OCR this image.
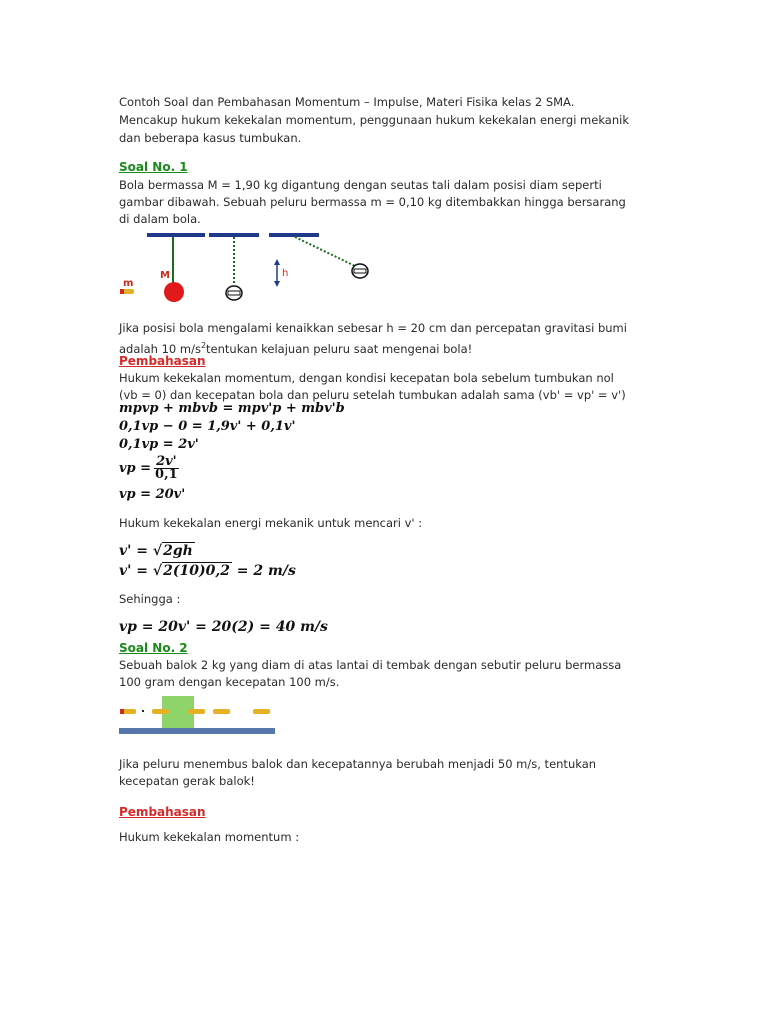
Contoh Soal dan Pembahasan Momentum – Impulse, Materi Fisika kelas 2 SMA.
Mencakup hukum kekekalan momentum, penggunaan hukum kekekalan energi mekanik
dan beberapa kasus tumbukan.
Soal No. 1
Bola bermassa M = 1,90 kg digantung dengan seutas tali dalam posisi diam seperti
gambar dibawah. Sebuah peluru bermassa m = 0,10 kg ditembakkan hingga bersarang
di dalam bola.
h
M
m
Jika posisi bola mengalami kenaikkan sebesar h = 20 cm dan percepatan gravitasi bumi
adalah 10 $m/s^2tentukan$ kelajuan peluru saat mengenai bola!
Pembahasan
Hukum kekekalan momentum, dengan kondisi kecepatan bola sebelum tumbukan nol
(vb = 0) dan kecepatan bola dan peluru setelah tumbukan adalah sama (vb' = vp' = v')
mpvp + mbvb = mpv'p + mbv'b
0,1vp − 0 = 1,9v' + 0,1v'
0,1vp = 2v'
vp = $\frac{2v'}{0,1}$
vp = 20v'
Hukum kekekalan energi mekanik untuk mencari v' :
v' = √2gh
v' = √2(10)0,2 = 2 m/s
Sehingga :
vp = 20v' = 20(2) = 40 m/s
Soal No. 2
Sebuah balok 2 kg yang diam di atas lantai di tembak dengan sebutir peluru bermassa
100 gram dengan kecepatan 100 m/s.
Jika peluru menembus balok dan kecepatannya berubah menjadi 50 m/s, tentukan
kecepatan gerak balok!
Pembahasan
Hukum kekekalan momentum :
